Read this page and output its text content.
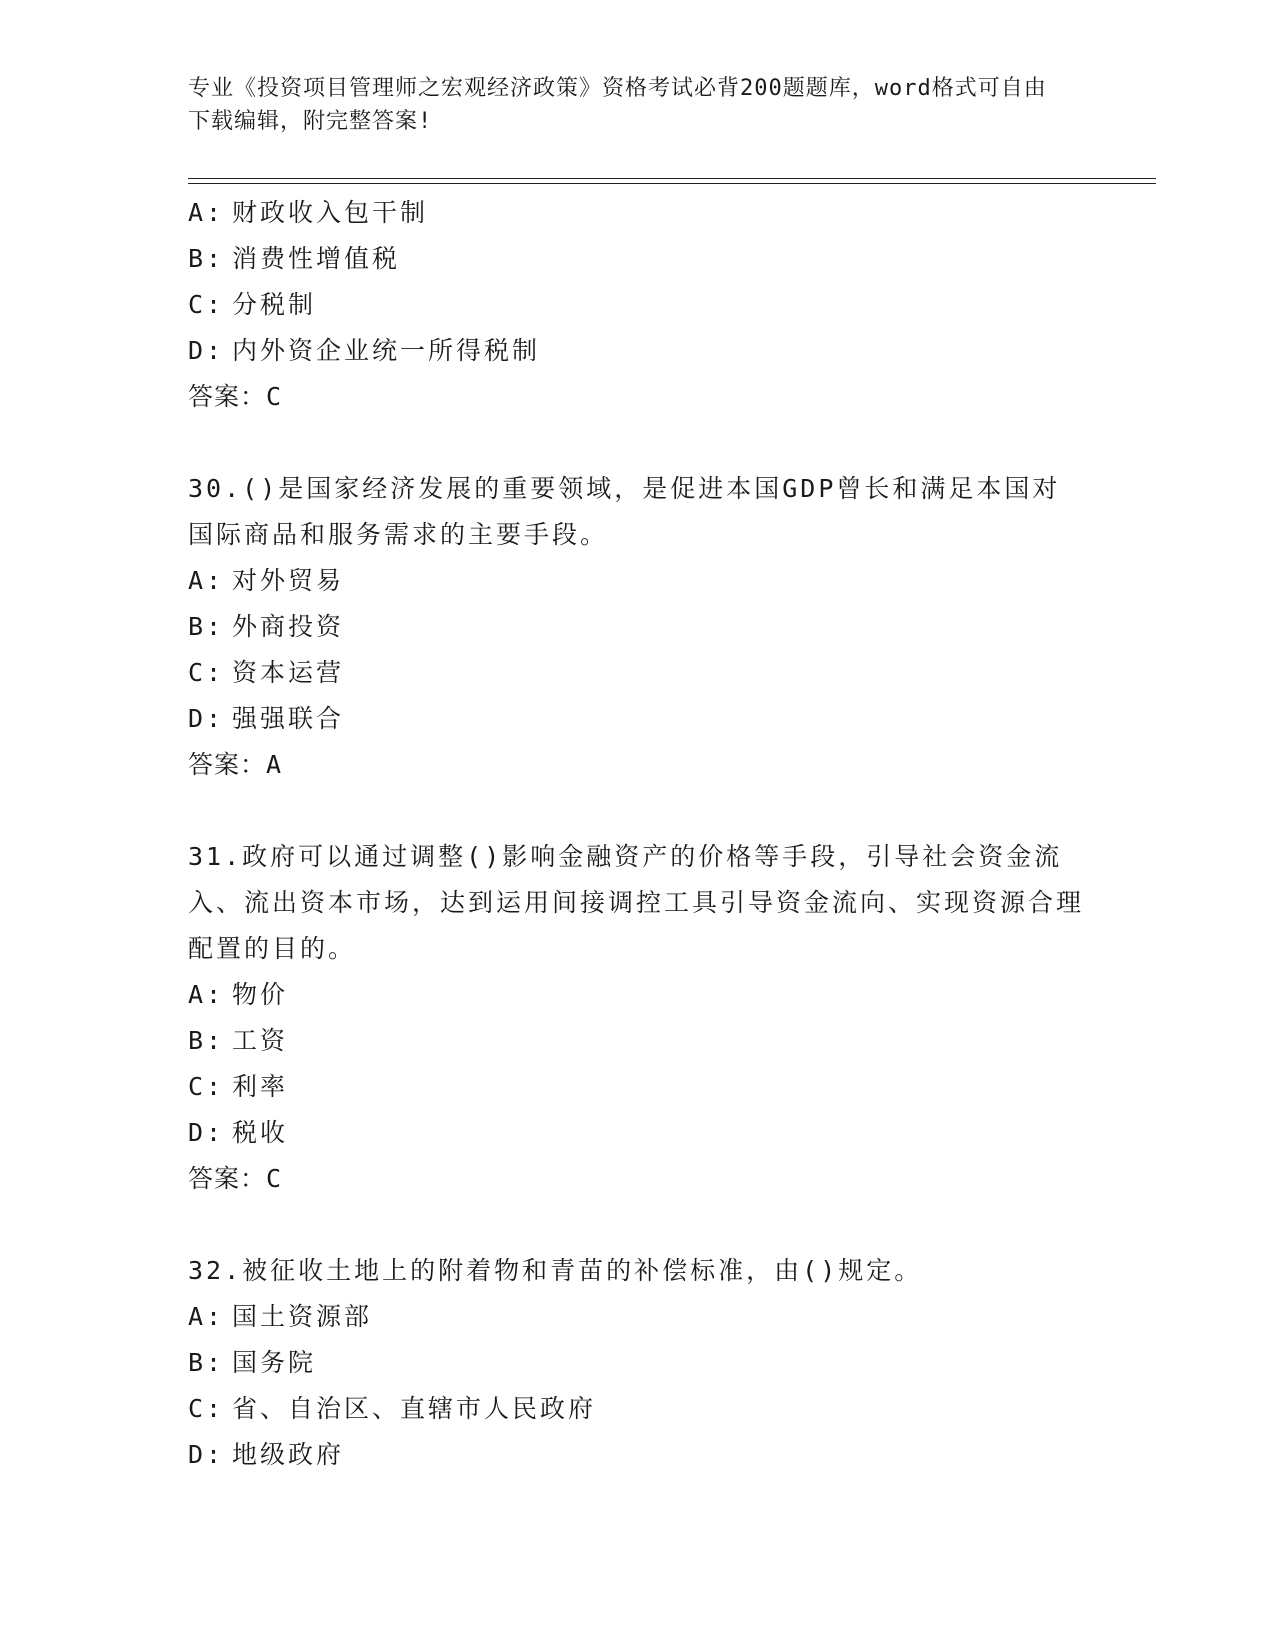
专业《投资项目管理师之宏观经济政策》资格考试必背200题题库，word格式可自由下载编辑，附完整答案!
A: 财政收入包干制
B: 消费性增值税
C: 分税制
D: 内外资企业统一所得税制
答案：C
30.()是国家经济发展的重要领域，是促进本国GDP曾长和满足本国对国际商品和服务需求的主要手段。
A: 对外贸易
B: 外商投资
C: 资本运营
D: 强强联合
答案：A
31.政府可以通过调整()影响金融资产的价格等手段，引导社会资金流入、流出资本市场，达到运用间接调控工具引导资金流向、实现资源合理配置的目的。
A: 物价
B: 工资
C: 利率
D: 税收
答案：C
32.被征收土地上的附着物和青苗的补偿标准，由()规定。
A: 国土资源部
B: 国务院
C: 省、自治区、直辖市人民政府
D: 地级政府
